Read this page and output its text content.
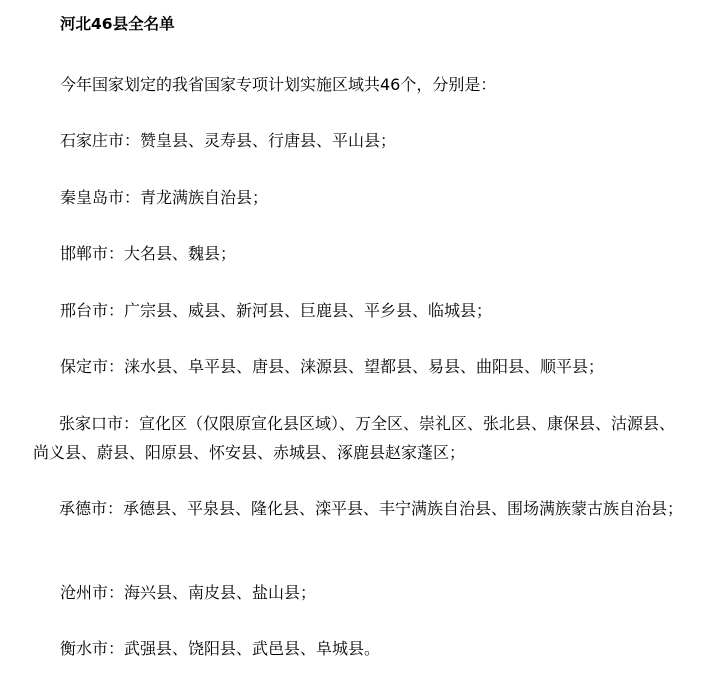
河北46县全名单
今年国家划定的我省国家专项计划实施区域共46个，分别是：
石家庄市：赞皇县、灵寿县、行唐县、平山县；
秦皇岛市：青龙满族自治县；
邯郸市：大名县、魏县；
邢台市：广宗县、威县、新河县、巨鹿县、平乡县、临城县；
保定市：涞水县、阜平县、唐县、涞源县、望都县、易县、曲阳县、顺平县；
张家口市：宣化区（仅限原宣化县区域）、万全区、崇礼区、张北县、康保县、沽源县、尚义县、蔚县、阳原县、怀安县、赤城县、涿鹿县赵家蓬区；
承德市：承德县、平泉县、隆化县、滦平县、丰宁满族自治县、围场满族蒙古族自治县；
沧州市：海兴县、南皮县、盐山县；
衡水市：武强县、饶阳县、武邑县、阜城县。
